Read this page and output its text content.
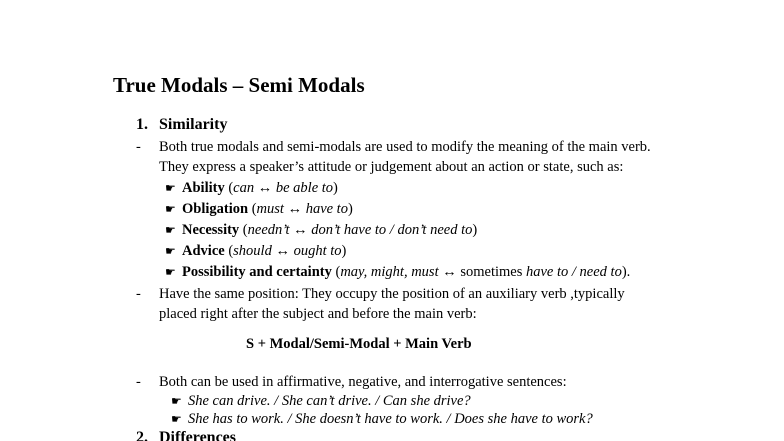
True Modals – Semi Modals
1. Similarity
- Both true modals and semi-modals are used to modify the meaning of the main verb.
They express a speaker’s attitude or judgement about an action or state, such as:
☛ Ability (can ↔ be able to)
☛ Obligation (must ↔ have to)
☛ Necessity (needn’t ↔ don’t have to / don’t need to)
☛ Advice (should ↔ ought to)
☛ Possibility and certainty (may, might, must ↔ sometimes have to / need to).
- Have the same position: They occupy the position of an auxiliary verb ,typically
placed right after the subject and before the main verb:
S + Modal/Semi-Modal + Main Verb
- Both can be used in affirmative, negative, and interrogative sentences:
☛ She can drive. / She can’t drive. / Can she drive?
☛ She has to work. / She doesn’t have to work. / Does she have to work?
2. Differences
